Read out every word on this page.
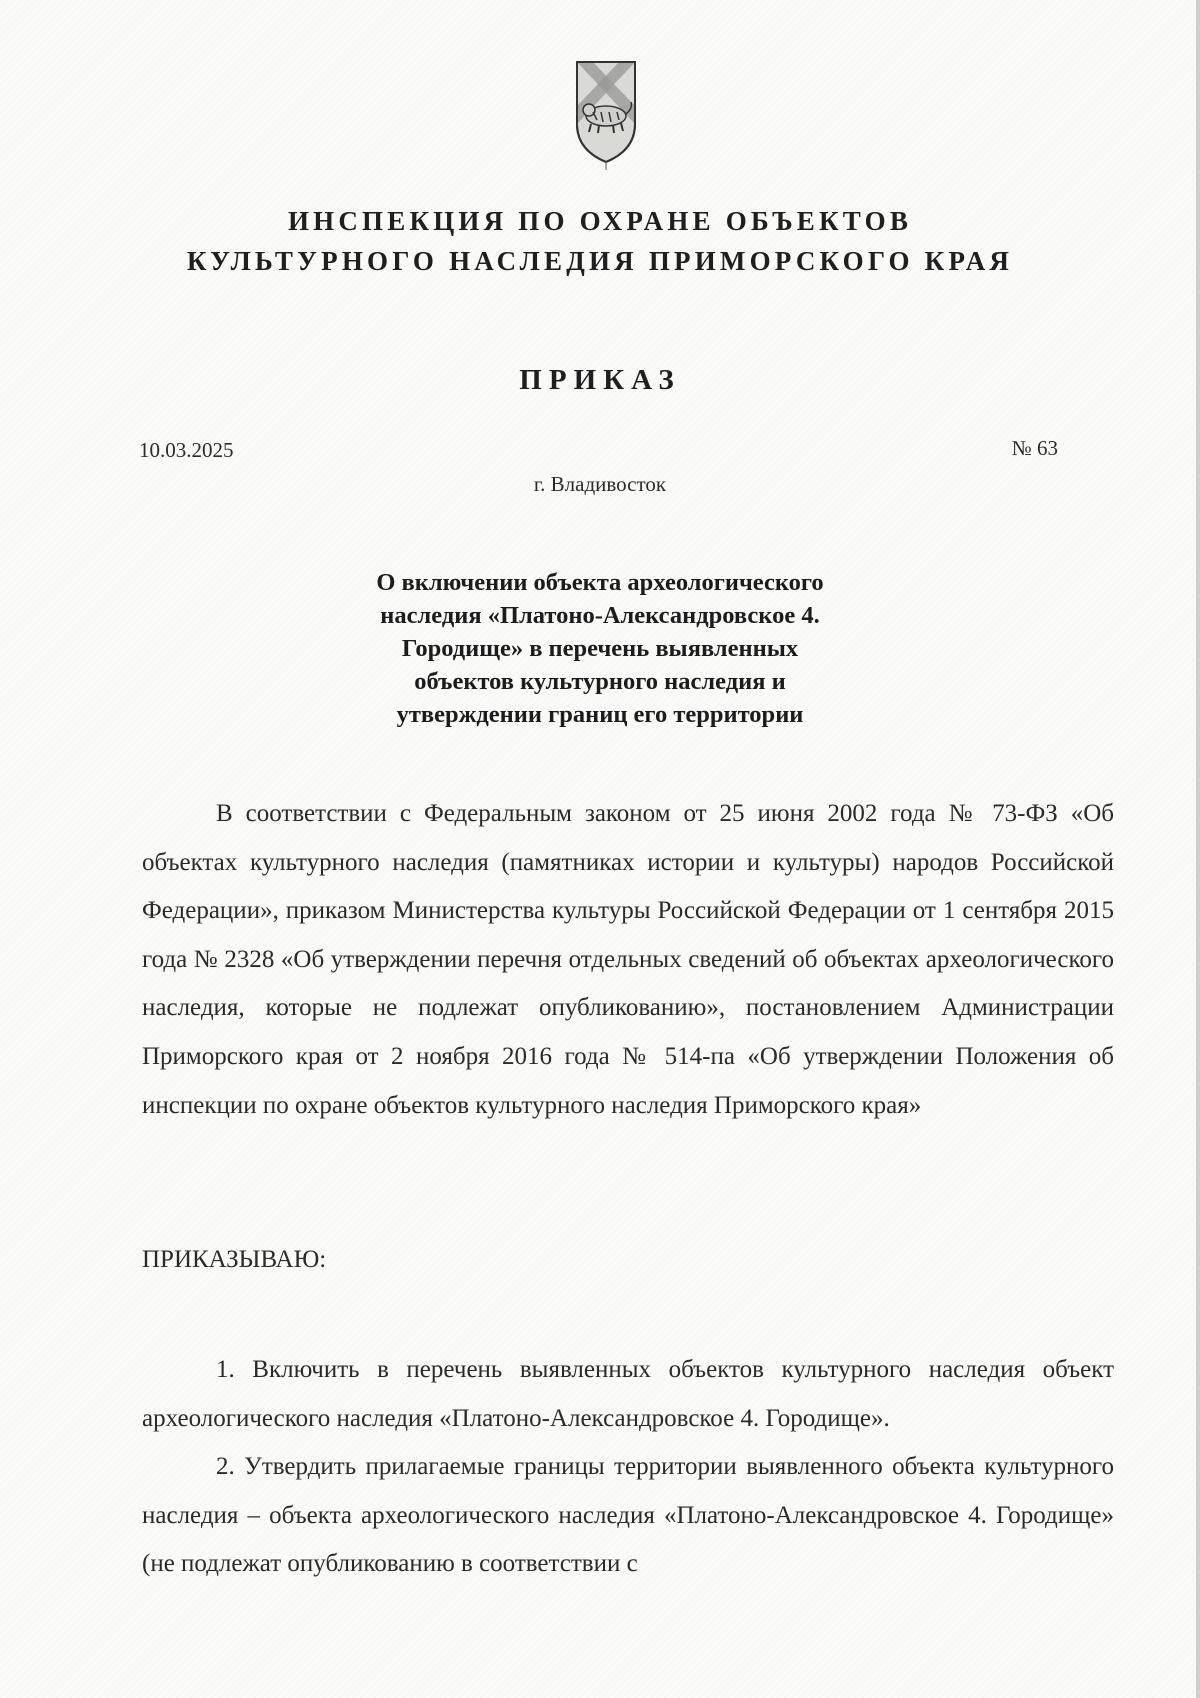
ИНСПЕКЦИЯ ПО ОХРАНЕ ОБЪЕКТОВ
КУЛЬТУРНОГО НАСЛЕДИЯ ПРИМОРСКОГО КРАЯ
ПРИКАЗ
10.03.2025	№ 63
г. Владивосток
О включении объекта археологического
наследия «Платоно-Александровское 4.
Городище» в перечень выявленных
объектов культурного наследия и
утверждении границ его территории
В соответствии с Федеральным законом от 25 июня 2002 года № 73-ФЗ «Об объектах культурного наследия (памятниках истории и культуры) народов Российской Федерации», приказом Министерства культуры Российской Федерации от 1 сентября 2015 года № 2328 «Об утверждении перечня отдельных сведений об объектах археологического наследия, которые не подлежат опубликованию», постановлением Администрации Приморского края от 2 ноября 2016 года № 514-па «Об утверждении Положения об инспекции по охране объектов культурного наследия Приморского края»
ПРИКАЗЫВАЮ:
1. Включить в перечень выявленных объектов культурного наследия объект археологического наследия «Платоно-Александровское 4. Городище».
2. Утвердить прилагаемые границы территории выявленного объекта культурного наследия – объекта археологического наследия «Платоно-Александровское 4. Городище» (не подлежат опубликованию в соответствии с
